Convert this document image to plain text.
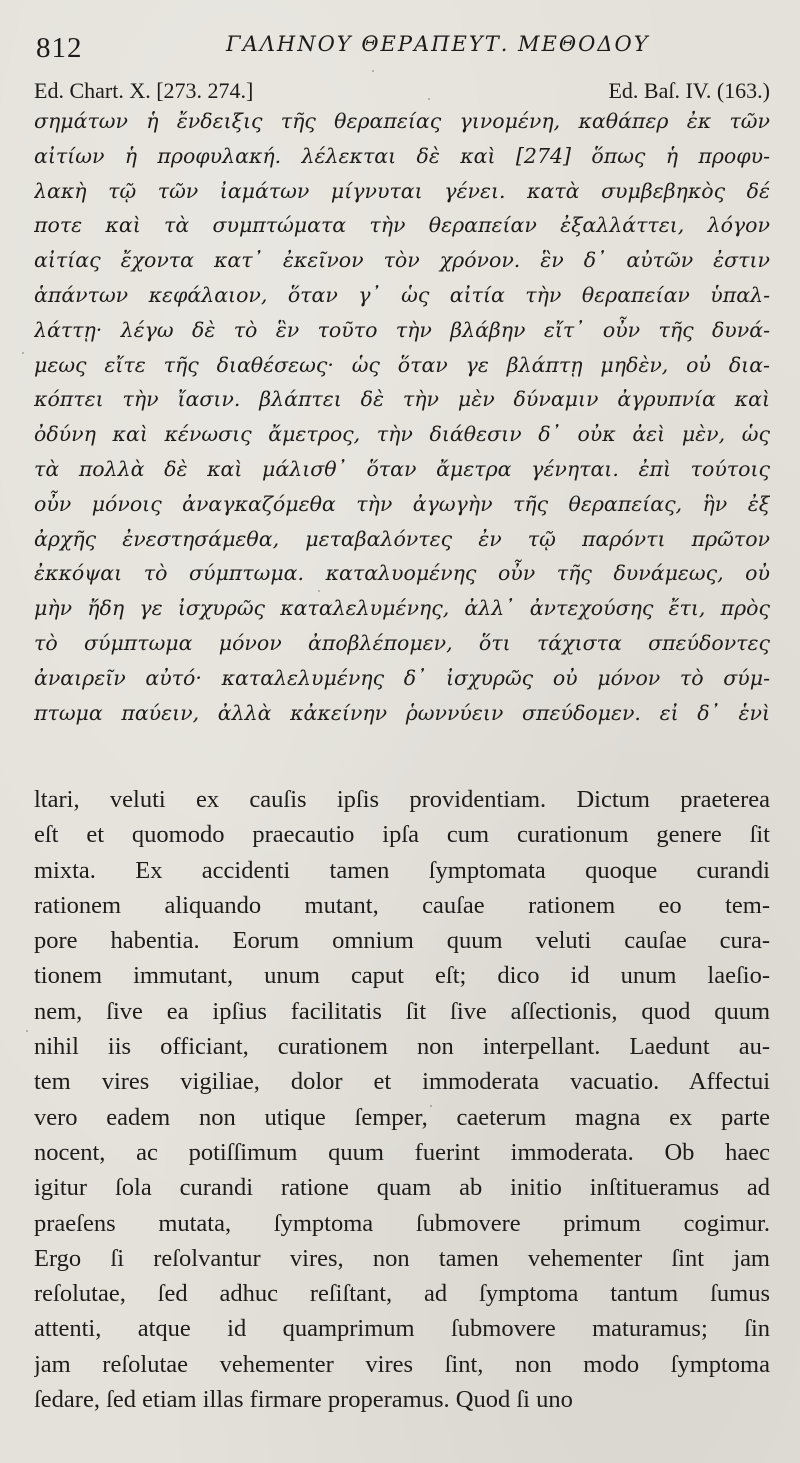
812	ΓΑΛΗΝΟΥ ΘΕΡΑΠΕΥΤ. ΜΕΘΟΔΟΥ
Ed. Chart. X. [273. 274.]	Ed. Baſ. IV. (163.)
σημάτων ἡ ἔνδειξις τῆς θεραπείας γινομένη, καθάπερ ἐκ τῶν
αἰτίων ἡ προφυλακή. λέλεκται δὲ καὶ [274] ὅπως ἡ προφυ-
λακὴ τῷ τῶν ἰαμάτων μίγνυται γένει. κατὰ συμβεβηκὸς δέ
ποτε καὶ τὰ συμπτώματα τὴν θεραπείαν ἐξαλλάττει, λόγον
αἰτίας ἔχοντα κατ᾽ ἐκεῖνον τὸν χρόνον. ἓν δ᾽ αὐτῶν ἐστιν
ἁπάντων κεφάλαιον, ὅταν γ᾽ ὡς αἰτία τὴν θεραπείαν ὑπαλ-
λάττῃ· λέγω δὲ τὸ ἓν τοῦτο τὴν βλάβην εἴτ᾽ οὖν τῆς δυνά-
μεως εἴτε τῆς διαθέσεως· ὡς ὅταν γε βλάπτῃ μηδὲν, οὐ δια-
κόπτει τὴν ἴασιν. βλάπτει δὲ τὴν μὲν δύναμιν ἀγρυπνία καὶ
ὀδύνη καὶ κένωσις ἄμετρος, τὴν διάθεσιν δ᾽ οὐκ ἀεὶ μὲν, ὡς
τὰ πολλὰ δὲ καὶ μάλισθ᾽ ὅταν ἄμετρα γένηται. ἐπὶ τούτοις
οὖν μόνοις ἀναγκαζόμεθα τὴν ἀγωγὴν τῆς θεραπείας, ἣν ἐξ
ἀρχῆς ἐνεστησάμεθα, μεταβαλόντες ἐν τῷ παρόντι πρῶτον
ἐκκόψαι τὸ σύμπτωμα. καταλυομένης οὖν τῆς δυνάμεως, οὐ
μὴν ἤδη γε ἰσχυρῶς καταλελυμένης, ἀλλ᾽ ἀντεχούσης ἔτι, πρὸς
τὸ σύμπτωμα μόνον ἀποβλέπομεν, ὅτι τάχιστα σπεύδοντες
ἀναιρεῖν αὐτό· καταλελυμένης δ᾽ ἰσχυρῶς οὐ μόνον τὸ σύμ-
πτωμα παύειν, ἀλλὰ κἀκείνην ῥωννύειν σπεύδομεν. εἰ δ᾽ ἑνὶ
ltari, veluti ex cauſis ipſis providentiam. Dictum praeterea
eſt et quomodo praecautio ipſa cum curationum genere ſit
mixta. Ex accidenti tamen ſymptomata quoque curandi
rationem aliquando mutant, cauſae rationem eo tem-
pore habentia. Eorum omnium quum veluti cauſae cura-
tionem immutant, unum caput eſt; dico id unum laeſio-
nem, ſive ea ipſius facilitatis ſit ſive aſſectionis, quod quum
nihil iis officiant, curationem non interpellant. Laedunt au-
tem vires vigiliae, dolor et immoderata vacuatio. Affectui
vero eadem non utique ſemper, caeterum magna ex parte
nocent, ac potiſſimum quum fuerint immoderata. Ob haec
igitur ſola curandi ratione quam ab initio inſtitueramus ad
praeſens mutata, ſymptoma ſubmovere primum cogimur.
Ergo ſi reſolvantur vires, non tamen vehementer ſint jam
reſolutae, ſed adhuc reſiſtant, ad ſymptoma tantum ſumus
attenti, atque id quamprimum ſubmovere maturamus; ſin
jam reſolutae vehementer vires ſint, non modo ſymptoma
ſedare, ſed etiam illas firmare properamus. Quod ſi uno
